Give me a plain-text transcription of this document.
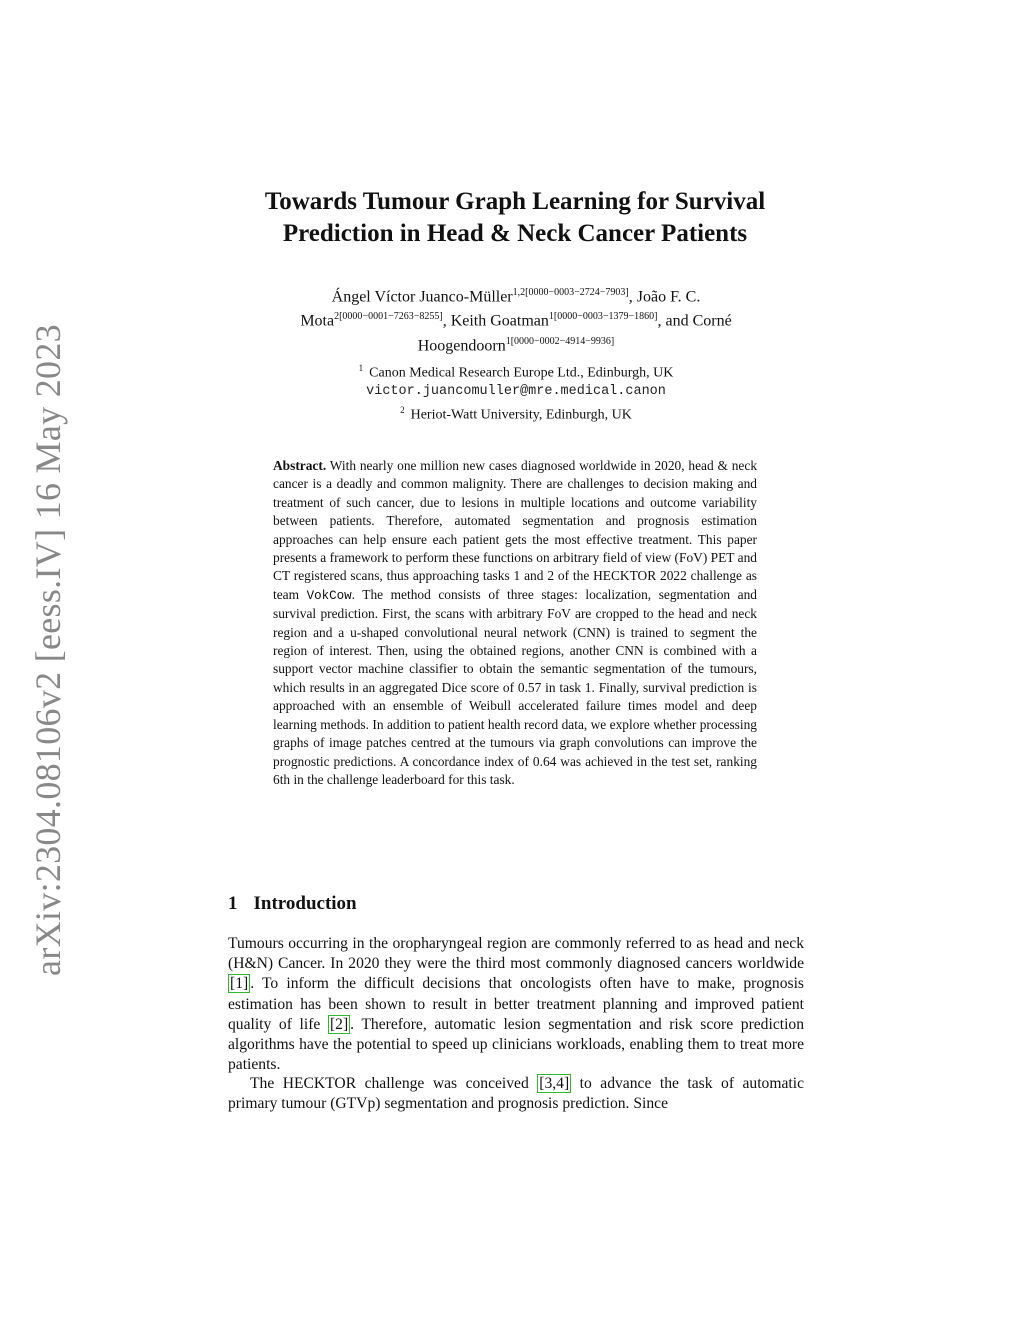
arXiv:2304.08106v2 [eess.IV] 16 May 2023
Towards Tumour Graph Learning for Survival
Prediction in Head & Neck Cancer Patients
Ángel Víctor Juanco-Müller$^{1,2[0000-0003-2724-7903]}$, João F. C.
Mota$^{2[0000-0001-7263-8255]}$, Keith Goatman$^{1[0000-0003-1379-1860]}$, and Corné
Hoogendoorn$^{1[0000-0002-4914-9936]}$
$^1$ Canon Medical Research Europe Ltd., Edinburgh, UK
victor.juancomuller@mre.medical.canon
$^2$ Heriot-Watt University, Edinburgh, UK

Abstract. With nearly one million new cases diagnosed worldwide in 2020, head & neck cancer is a deadly and common malignity. There are challenges to decision making and treatment of such cancer, due to lesions in multiple locations and outcome variability between patients. Therefore, automated segmentation and prognosis estimation approaches can help ensure each patient gets the most effective treatment. This paper presents a framework to perform these functions on arbitrary field of view (FoV) PET and CT registered scans, thus approaching tasks 1 and 2 of the HECKTOR 2022 challenge as team VokCow. The method consists of three stages: localization, segmentation and survival prediction. First, the scans with arbitrary FoV are cropped to the head and neck region and a u-shaped convolutional neural network (CNN) is trained to segment the region of interest. Then, using the obtained regions, another CNN is combined with a support vector machine classifier to obtain the semantic segmentation of the tumours, which results in an aggregated Dice score of 0.57 in task 1. Finally, survival prediction is approached with an ensemble of Weibull accelerated failure times model and deep learning methods. In addition to patient health record data, we explore whether processing graphs of image patches centred at the tumours via graph convolutions can improve the prognostic predictions. A concordance index of 0.64 was achieved in the test set, ranking 6th in the challenge leaderboard for this task.

1 Introduction

Tumours occurring in the oropharyngeal region are commonly referred to as head and neck (H&N) Cancer. In 2020 they were the third most commonly diagnosed cancers worldwide [1] . To inform the difficult decisions that oncologists often have to make, prognosis estimation has been shown to result in better treatment planning and improved patient quality of life [2] . Therefore, automatic lesion segmentation and risk score prediction algorithms have the potential to speed up clinicians workloads, enabling them to treat more patients.

The HECKTOR challenge was conceived [3,4] to advance the task of automatic primary tumour (GTVp) segmentation and prognosis prediction. Since
